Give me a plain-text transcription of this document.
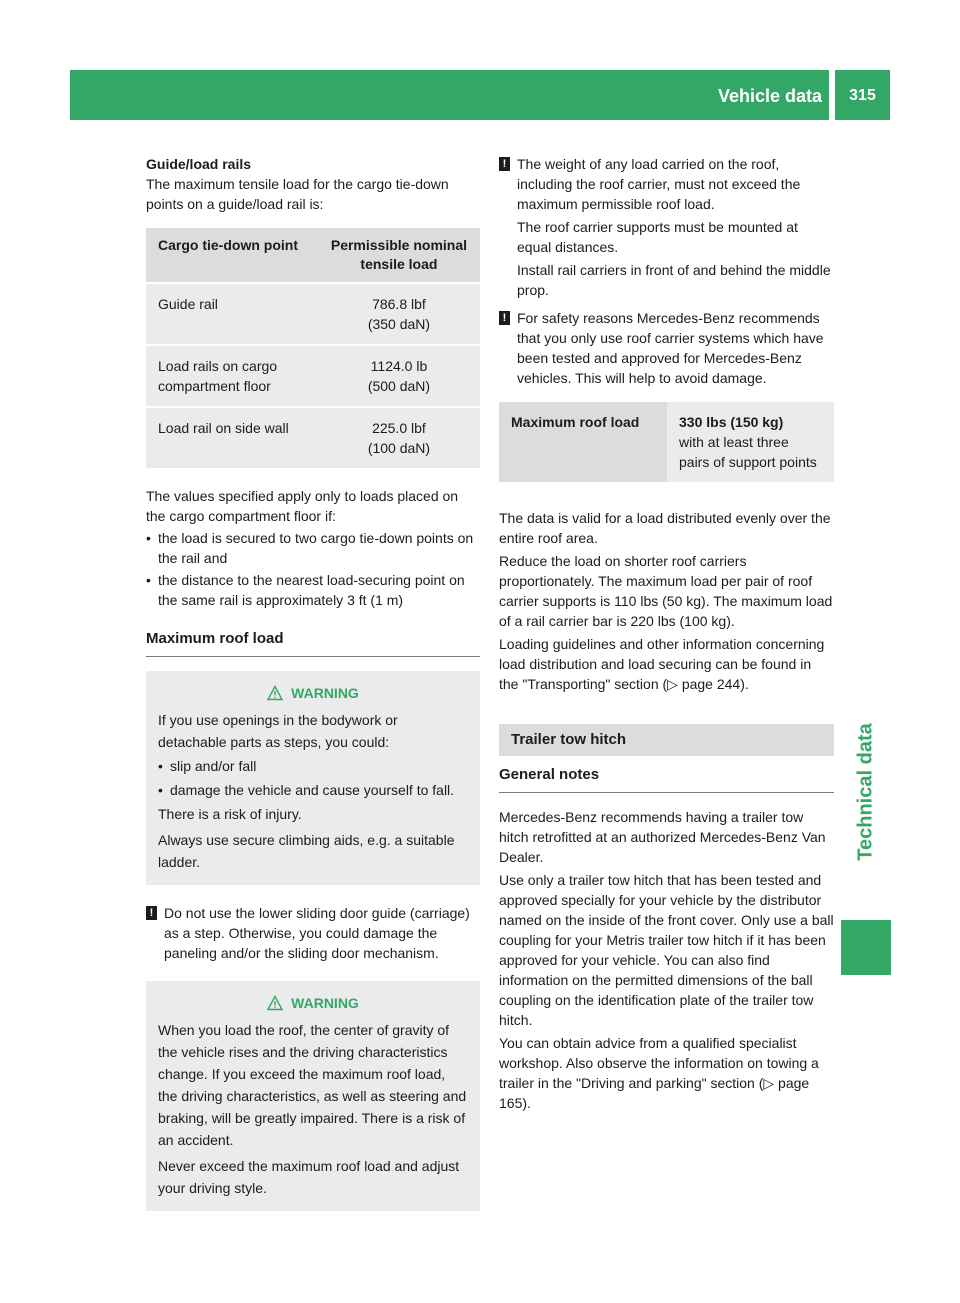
Vehicle data	315
Technical data
Guide/load rails
The maximum tensile load for the cargo tie-down points on a guide/load rail is:
Cargo tie-down point	Permissible nominal tensile load
Guide rail	786.8 lbf
(350 daN)

Load rails on cargo compartment floor	1124.0 lb
(500 daN)

Load rail on side wall	225.0 lbf
(100 daN)
The values specified apply only to loads placed on the cargo compartment floor if:
• the load is secured to two cargo tie-down points on the rail and
• the distance to the nearest load-securing point on the same rail is approximately 3 ft (1 m)
Maximum roof load
WARNING
If you use openings in the bodywork or detachable parts as steps, you could:
• slip and/or fall
• damage the vehicle and cause yourself to fall.
There is a risk of injury.
Always use secure climbing aids, e.g. a suitable ladder.
! Do not use the lower sliding door guide (carriage) as a step. Otherwise, you could damage the paneling and/or the sliding door mechanism.
WARNING
When you load the roof, the center of gravity of the vehicle rises and the driving characteristics change. If you exceed the maximum roof load, the driving characteristics, as well as steering and braking, will be greatly impaired. There is a risk of an accident.
Never exceed the maximum roof load and adjust your driving style.
! The weight of any load carried on the roof, including the roof carrier, must not exceed the maximum permissible roof load.
The roof carrier supports must be mounted at equal distances.
Install rail carriers in front of and behind the middle prop.
! For safety reasons Mercedes-Benz recommends that you only use roof carrier systems which have been tested and approved for Mercedes-Benz vehicles. This will help to avoid damage.
Maximum roof load	330 lbs (150 kg)
with at least three pairs of support points
The data is valid for a load distributed evenly over the entire roof area.
Reduce the load on shorter roof carriers proportionately. The maximum load per pair of roof carrier supports is 110 lbs (50 kg). The maximum load of a rail carrier bar is 220 lbs (100 kg).
Loading guidelines and other information concerning load distribution and load securing can be found in the "Transporting" section (▷ page 244).
Trailer tow hitch
General notes
Mercedes-Benz recommends having a trailer tow hitch retrofitted at an authorized Mercedes-Benz Van Dealer.
Use only a trailer tow hitch that has been tested and approved specially for your vehicle by the distributor named on the inside of the front cover. Only use a ball coupling for your Metris trailer tow hitch if it has been approved for your vehicle. You can also find information on the permitted dimensions of the ball coupling on the identification plate of the trailer tow hitch.
You can obtain advice from a qualified specialist workshop. Also observe the information on towing a trailer in the "Driving and parking" section (▷ page 165).
